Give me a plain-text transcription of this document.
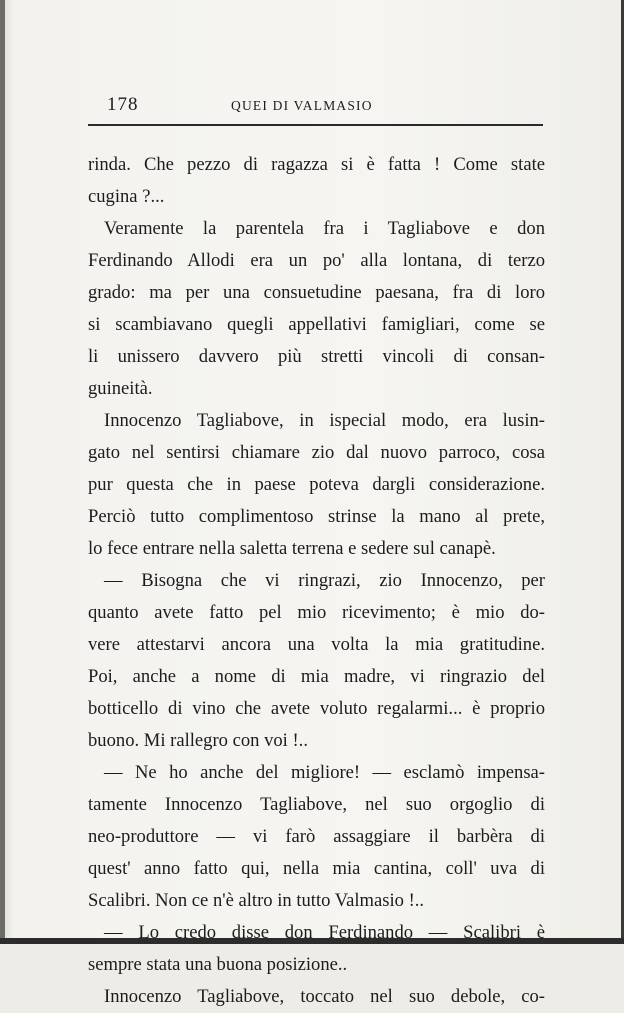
178	QUEI DI VALMASIO
rinda. Che pezzo di ragazza si è fatta ! Come state
cugina ?...
Veramente la parentela fra i Tagliabove e don
Ferdinando Allodi era un po' alla lontana, di terzo
grado: ma per una consuetudine paesana, fra di loro
si scambiavano quegli appellativi famigliari, come se
li unissero davvero più stretti vincoli di consan-
guineità.
Innocenzo Tagliabove, in ispecial modo, era lusin-
gato nel sentirsi chiamare zio dal nuovo parroco, cosa
pur questa che in paese poteva dargli considerazione.
Perciò tutto complimentoso strinse la mano al prete,
lo fece entrare nella saletta terrena e sedere sul canapè.
— Bisogna che vi ringrazi, zio Innocenzo, per
quanto avete fatto pel mio ricevimento; è mio do-
vere attestarvi ancora una volta la mia gratitudine.
Poi, anche a nome di mia madre, vi ringrazio del
botticello di vino che avete voluto regalarmi... è proprio
buono. Mi rallegro con voi !..
— Ne ho anche del migliore! — esclamò impensa-
tamente Innocenzo Tagliabove, nel suo orgoglio di
neo-produttore — vi farò assaggiare il barbèra di
quest' anno fatto qui, nella mia cantina, coll' uva di
Scalibri. Non ce n'è altro in tutto Valmasio !..
— Lo credo disse don Ferdinando — Scalibri è
sempre stata una buona posizione..
Innocenzo Tagliabove, toccato nel suo debole, co-
